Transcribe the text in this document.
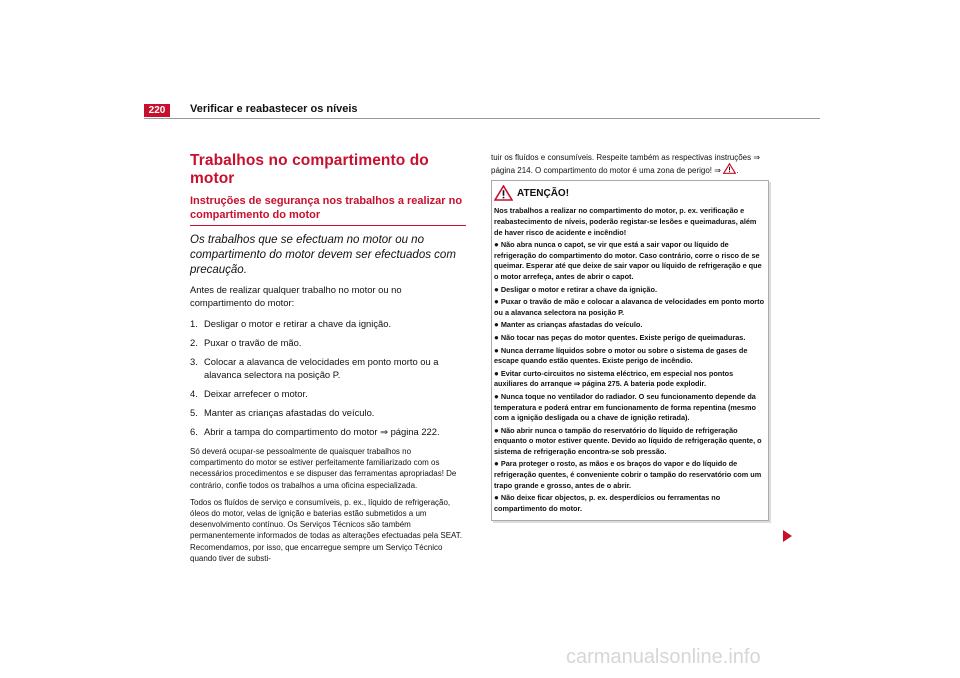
220	Verificar e reabastecer os níveis
Trabalhos no compartimento do motor
Instruções de segurança nos trabalhos a realizar no compartimento do motor

Os trabalhos que se efectuam no motor ou no compartimento do motor devem ser efectuados com precaução.

Antes de realizar qualquer trabalho no motor ou no compartimento do motor:

1. Desligar o motor e retirar a chave da ignição.
2. Puxar o travão de mão.
3. Colocar a alavanca de velocidades em ponto morto ou a alavanca selectora na posição P.
4. Deixar arrefecer o motor.
5. Manter as crianças afastadas do veículo.
6. Abrir a tampa do compartimento do motor ⇒ página 222.

Só deverá ocupar-se pessoalmente de quaisquer trabalhos no compartimento do motor se estiver perfeitamente familiarizado com os necessários procedimentos e se dispuser das ferramentas apropriadas! De contrário, confie todos os trabalhos a uma oficina especializada.

Todos os fluídos de serviço e consumíveis, p. ex., líquido de refrigeração, óleos do motor, velas de ignição e baterias estão submetidos a um desenvolvimento contínuo. Os Serviços Técnicos são também permanentemente informados de todas as alterações efectuadas pela SEAT. Recomendamos, por isso, que encarregue sempre um Serviço Técnico quando tiver de substi-

tuir os fluídos e consumíveis. Respeite também as respectivas instruções ⇒ página 214. O compartimento do motor é uma zona de perigo! ⇒ .

ATENÇÃO!

Nos trabalhos a realizar no compartimento do motor, p. ex. verificação e reabastecimento de níveis, poderão registar-se lesões e queimaduras, além de haver risco de acidente e incêndio!

● Não abra nunca o capot, se vir que está a sair vapor ou líquido de refrigeração do compartimento do motor. Caso contrário, corre o risco de se queimar. Esperar até que deixe de sair vapor ou líquido de refrigeração e que o motor arrefeça, antes de abrir o capot.
● Desligar o motor e retirar a chave da ignição.
● Puxar o travão de mão e colocar a alavanca de velocidades em ponto morto ou a alavanca selectora na posição P.
● Manter as crianças afastadas do veículo.
● Não tocar nas peças do motor quentes. Existe perigo de queimaduras.
● Nunca derrame líquidos sobre o motor ou sobre o sistema de gases de escape quando estão quentes. Existe perigo de incêndio.
● Evitar curto-circuitos no sistema eléctrico, em especial nos pontos auxiliares do arranque ⇒ página 275. A bateria pode explodir.
● Nunca toque no ventilador do radiador. O seu funcionamento depende da temperatura e poderá entrar em funcionamento de forma repentina (mesmo com a ignição desligada ou a chave de ignição retirada).
● Não abrir nunca o tampão do reservatório do líquido de refrigeração enquanto o motor estiver quente. Devido ao líquido de refrigeração quente, o sistema de refrigeração encontra-se sob pressão.
● Para proteger o rosto, as mãos e os braços do vapor e do líquido de refrigeração quentes, é conveniente cobrir o tampão do reservatório com um trapo grande e grosso, antes de o abrir.
● Não deixe ficar objectos, p. ex. desperdícios ou ferramentas no compartimento do motor.
carmanualsonline.info
